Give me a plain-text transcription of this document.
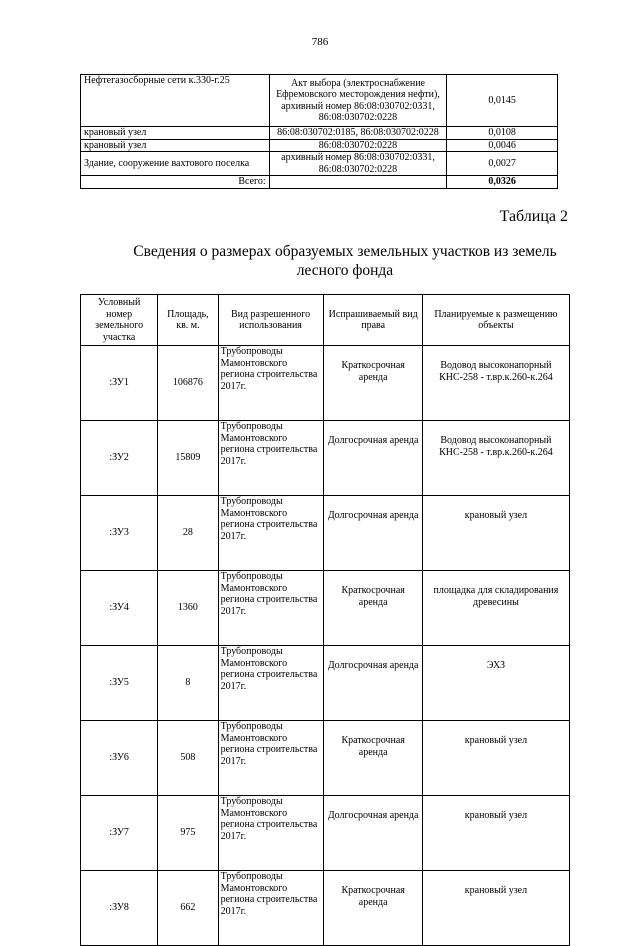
786
Нефтегазосборные сети к.330-г.25	Акт выбора (электроснабжение Ефремовского месторождения нефти), архивный номер 86:08:030702:0331, 86:08:030702:0228	0,0145
крановый узел	86:08:030702:0185, 86:08:030702:0228	0,0108
крановый узел	86:08:030702:0228	0,0046
Здание, сооружение вахтового поселка	архивный номер 86:08:030702:0331, 86:08:030702:0228	0,0027
Всего:		0,0326
Таблица 2
Сведения о размерах образуемых земельных участков из земель лесного фонда
Условный номер земельного участка	Площадь, кв. м.	Вид разрешенного использования	Испрашиваемый вид права	Планируемые к размещению объекты
:ЗУ1	106876	Трубопроводы Мамонтовского региона строительства 2017г.	Краткосрочная аренда	Водовод высоконапорный КНС-258 - т.вр.к.260-к.264
:ЗУ2	15809	Трубопроводы Мамонтовского региона строительства 2017г.	Долгосрочная аренда	Водовод высоконапорный КНС-258 - т.вр.к.260-к.264
:ЗУ3	28	Трубопроводы Мамонтовского региона строительства 2017г.	Долгосрочная аренда	крановый узел
:ЗУ4	1360	Трубопроводы Мамонтовского региона строительства 2017г.	Краткосрочная аренда	площадка для складирования древесины
:ЗУ5	8	Трубопроводы Мамонтовского региона строительства 2017г.	Долгосрочная аренда	ЭХЗ
:ЗУ6	508	Трубопроводы Мамонтовского региона строительства 2017г.	Краткосрочная аренда	крановый узел
:ЗУ7	975	Трубопроводы Мамонтовского региона строительства 2017г.	Долгосрочная аренда	крановый узел
:ЗУ8	662	Трубопроводы Мамонтовского региона строительства 2017г.	Краткосрочная аренда	крановый узел
